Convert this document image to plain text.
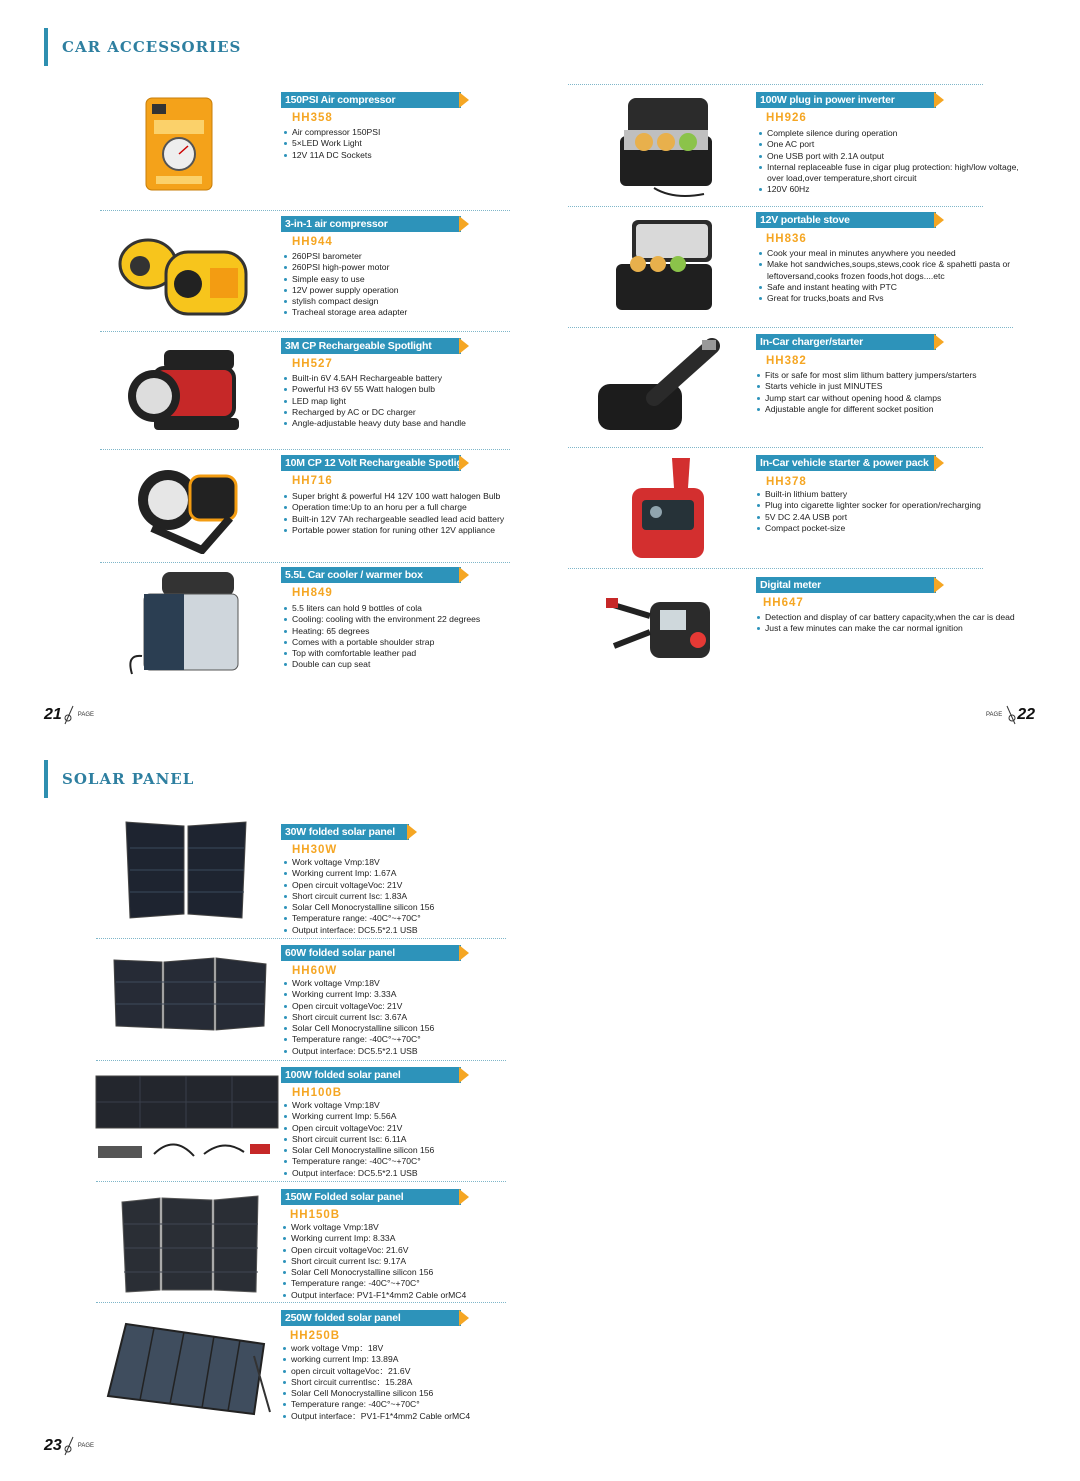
CAR ACCESSORIES
150PSI Air compressor
HH358
Air compressor 150PSI
5×LED Work Light
12V 11A DC Sockets
3-in-1 air compressor
HH944
260PSI barometer
260PSI high-power motor
Simple easy to use
12V power supply operation
stylish compact design
Tracheal storage area adapter
3M CP Rechargeable Spotlight
HH527
Built-in 6V 4.5AH Rechargeable battery
Powerful H3 6V 55 Watt halogen bulb
LED map light
Recharged by AC or DC charger
Angle-adjustable heavy duty base and handle
10M CP 12 Volt Rechargeable Spotlight
HH716
Super bright & powerful H4 12V 100 watt halogen Bulb
Operation time:Up to an horu per a full charge
Built-in 12V 7Ah rechargeable seadled lead acid battery
Portable power station for runing other 12V appliance
5.5L Car cooler / warmer box
HH849
5.5 liters can hold 9 bottles of cola
Cooling: cooling with the environment 22 degrees
Heating: 65 degrees
Comes with a portable shoulder strap
Top with comfortable leather pad
Double can cup seat
100W plug in power inverter
HH926
Complete silence during operation
One AC port
One USB port with 2.1A output
Internal replaceable fuse in cigar plug protection: high/low voltage, over load,over temperature,short circuit
120V 60Hz
12V portable stove
HH836
Cook your meal in minutes anywhere you needed
Make hot sandwiches,soups,stews,cook rice & spahetti pasta or leftoversand,cooks frozen foods,hot dogs....etc
Safe and instant heating with PTC
Great for trucks,boats and Rvs
In-Car charger/starter
HH382
Fits or safe for most slim lithum battery jumpers/starters
Starts vehicle in just MINUTES
Jump start car without opening hood & clamps
Adjustable angle for different socket position
In-Car vehicle starter & power pack
HH378
Built-in lithium battery
Plug into cigarette lighter socker for operation/recharging
5V DC 2.4A USB port
Compact pocket-size
Digital meter
HH647
Detection and display of car battery capacity,when the car is dead
Just a few minutes can make the car normal ignition
21	PAGE	PAGE 22
SOLAR PANEL
30W folded solar panel
HH30W
Work voltage Vmp:18V
Working current Imp: 1.67A
Open circuit voltageVoc: 21V
Short circuit current Isc: 1.83A
Solar Cell Monocrystalline silicon 156
Temperature range: -40C°~+70C°
Output interface: DC5.5*2.1 USB
60W folded solar panel
HH60W
Work voltage Vmp:18V
Working current Imp: 3.33A
Open circuit voltageVoc: 21V
Short circuit current Isc: 3.67A
Solar Cell Monocrystalline silicon 156
Temperature range: -40C°~+70C°
Output interface: DC5.5*2.1 USB
100W folded solar panel
HH100B
Work voltage Vmp:18V
Working current Imp: 5.56A
Open circuit voltageVoc: 21V
Short circuit current Isc: 6.11A
Solar Cell Monocrystalline silicon 156
Temperature range: -40C°~+70C°
Output interface: DC5.5*2.1 USB
150W Folded solar panel
HH150B
Work voltage Vmp:18V
Working current Imp: 8.33A
Open circuit voltageVoc: 21.6V
Short circuit current Isc: 9.17A
Solar Cell Monocrystalline silicon 156
Temperature range: -40C°~+70C°
Output interface: PV1-F1*4mm2 Cable orMC4
250W folded solar panel
HH250B
work voltage Vmp：18V
working current Imp: 13.89A
open circuit voltageVoc：21.6V
Short circuit currentIsc：15.28A
Solar Cell Monocrystalline silicon 156
Temperature range: -40C°~+70C°
Output interface：PV1-F1*4mm2 Cable orMC4
23	PAGE
